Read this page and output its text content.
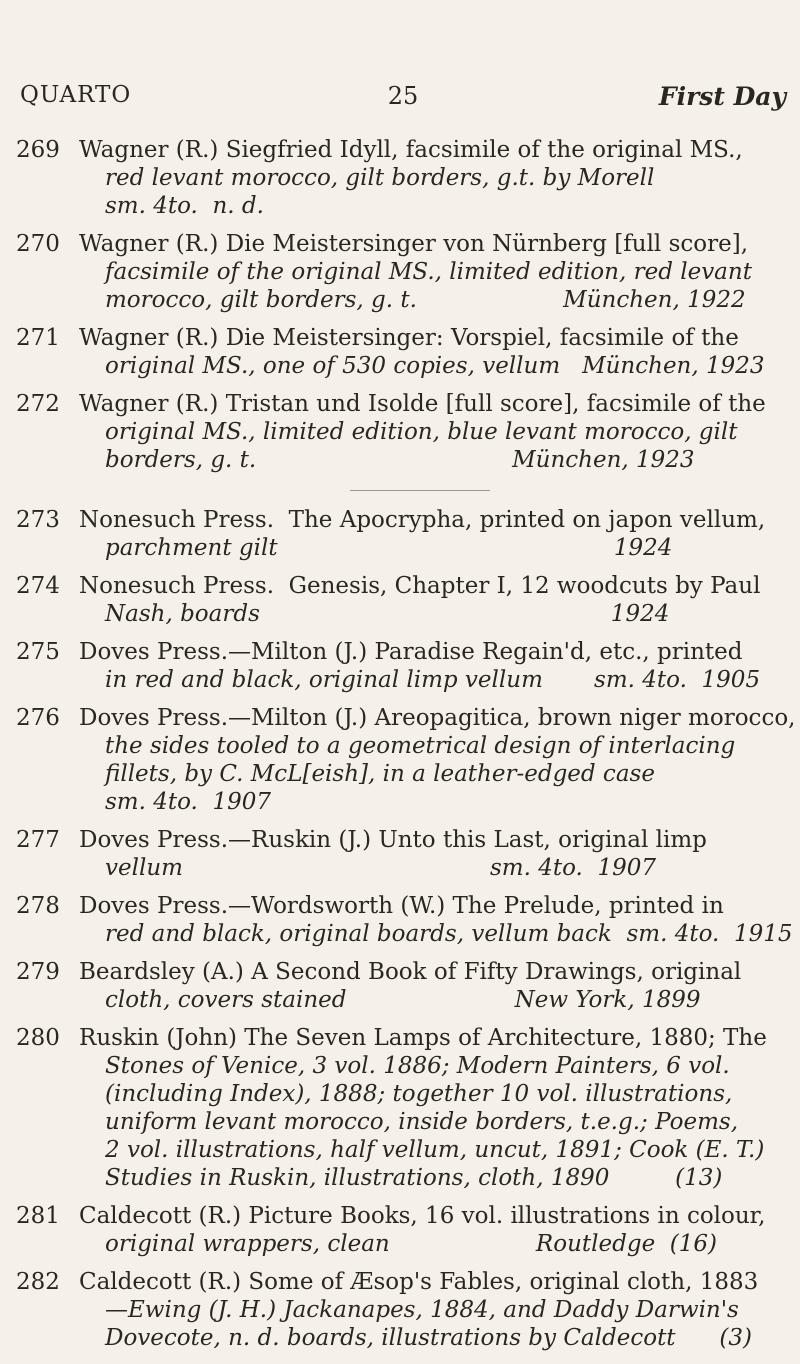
QUARTO	25	First Day
269 Wagner (R.) Siegfried Idyll, facsimile of the original MS.,
red levant morocco, gilt borders, g.t. by Morell
sm. 4to.  n. d.
270 Wagner (R.) Die Meistersinger von Nürnberg [full score],
facsimile of the original MS., limited edition, red levant
morocco, gilt borders, g. t.                    München, 1922
271 Wagner (R.) Die Meistersinger: Vorspiel, facsimile of the
original MS., one of 530 copies, vellum   München, 1923
272 Wagner (R.) Tristan und Isolde [full score], facsimile of the
original MS., limited edition, blue levant morocco, gilt
borders, g. t.                                   München, 1923
273 Nonesuch Press.  The Apocrypha, printed on japon vellum,
parchment gilt                                              1924
274 Nonesuch Press.  Genesis, Chapter I, 12 woodcuts by Paul
Nash, boards                                                1924
275 Doves Press.—Milton (J.) Paradise Regain'd, etc., printed
in red and black, original limp vellum       sm. 4to.  1905
276 Doves Press.—Milton (J.) Areopagitica, brown niger morocco,
the sides tooled to a geometrical design of interlacing
fillets, by C. McL[eish], in a leather-edged case
sm. 4to.  1907
277 Doves Press.—Ruskin (J.) Unto this Last, original limp
vellum                                          sm. 4to.  1907
278 Doves Press.—Wordsworth (W.) The Prelude, printed in
red and black, original boards, vellum back  sm. 4to.  1915
279 Beardsley (A.) A Second Book of Fifty Drawings, original
cloth, covers stained                       New York, 1899
280 Ruskin (John) The Seven Lamps of Architecture, 1880; The
Stones of Venice, 3 vol. 1886; Modern Painters, 6 vol.
(including Index), 1888; together 10 vol. illustrations,
uniform levant morocco, inside borders, t.e.g.; Poems,
2 vol. illustrations, half vellum, uncut, 1891; Cook (E. T.)
Studies in Ruskin, illustrations, cloth, 1890         (13)
281 Caldecott (R.) Picture Books, 16 vol. illustrations in colour,
original wrappers, clean                    Routledge  (16)
282 Caldecott (R.) Some of Æsop's Fables, original cloth, 1883
—Ewing (J. H.) Jackanapes, 1884, and Daddy Darwin's
Dovecote, n. d. boards, illustrations by Caldecott      (3)
